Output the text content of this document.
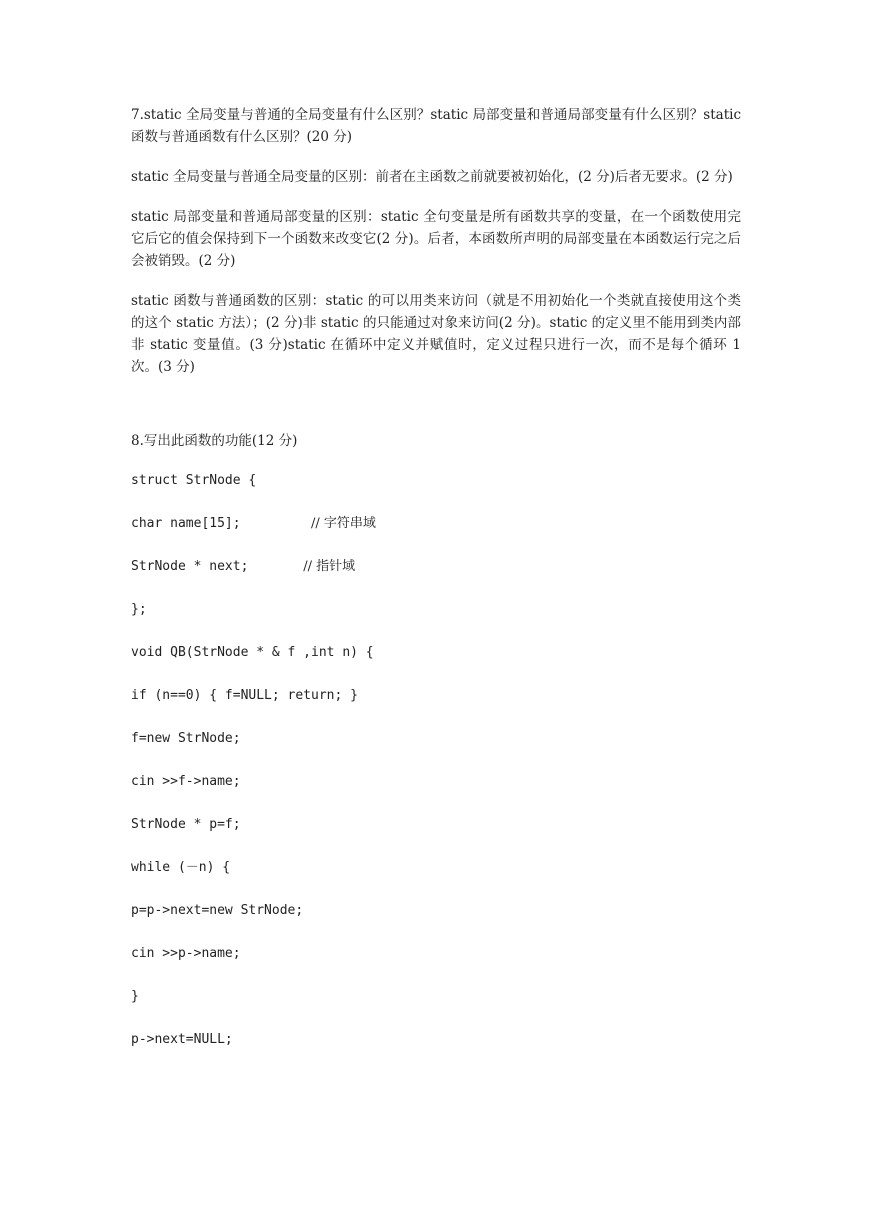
7.static 全局变量与普通的全局变量有什么区别？static 局部变量和普通局部变量有什么区别？static 函数与普通函数有什么区别？(20 分)

static 全局变量与普通全局变量的区别：前者在主函数之前就要被初始化，(2 分)后者无要求。(2 分)

static 局部变量和普通局部变量的区别：static 全句变量是所有函数共享的变量，在一个函数使用完它后它的值会保持到下一个函数来改变它(2 分)。后者，本函数所声明的局部变量在本函数运行完之后会被销毁。(2 分)

static 函数与普通函数的区别：static 的可以用类来访问（就是不用初始化一个类就直接使用这个类的这个 static 方法）；(2 分)非 static 的只能通过对象来访问(2 分)。static 的定义里不能用到类内部非 static 变量值。(3 分)static 在循环中定义并赋值时，定义过程只进行一次，而不是每个循环 1 次。(3 分)

8.写出此函数的功能(12 分)

struct StrNode {
char name[15];         // 字符串域
StrNode * next;       // 指针域
};
void QB(StrNode * & f ,int n) {
if (n==0) { f=NULL; return; }
f=new StrNode;
cin >>f->name;
StrNode * p=f;
while (－n) {
p=p->next=new StrNode;
cin >>p->name;
}
p->next=NULL;
